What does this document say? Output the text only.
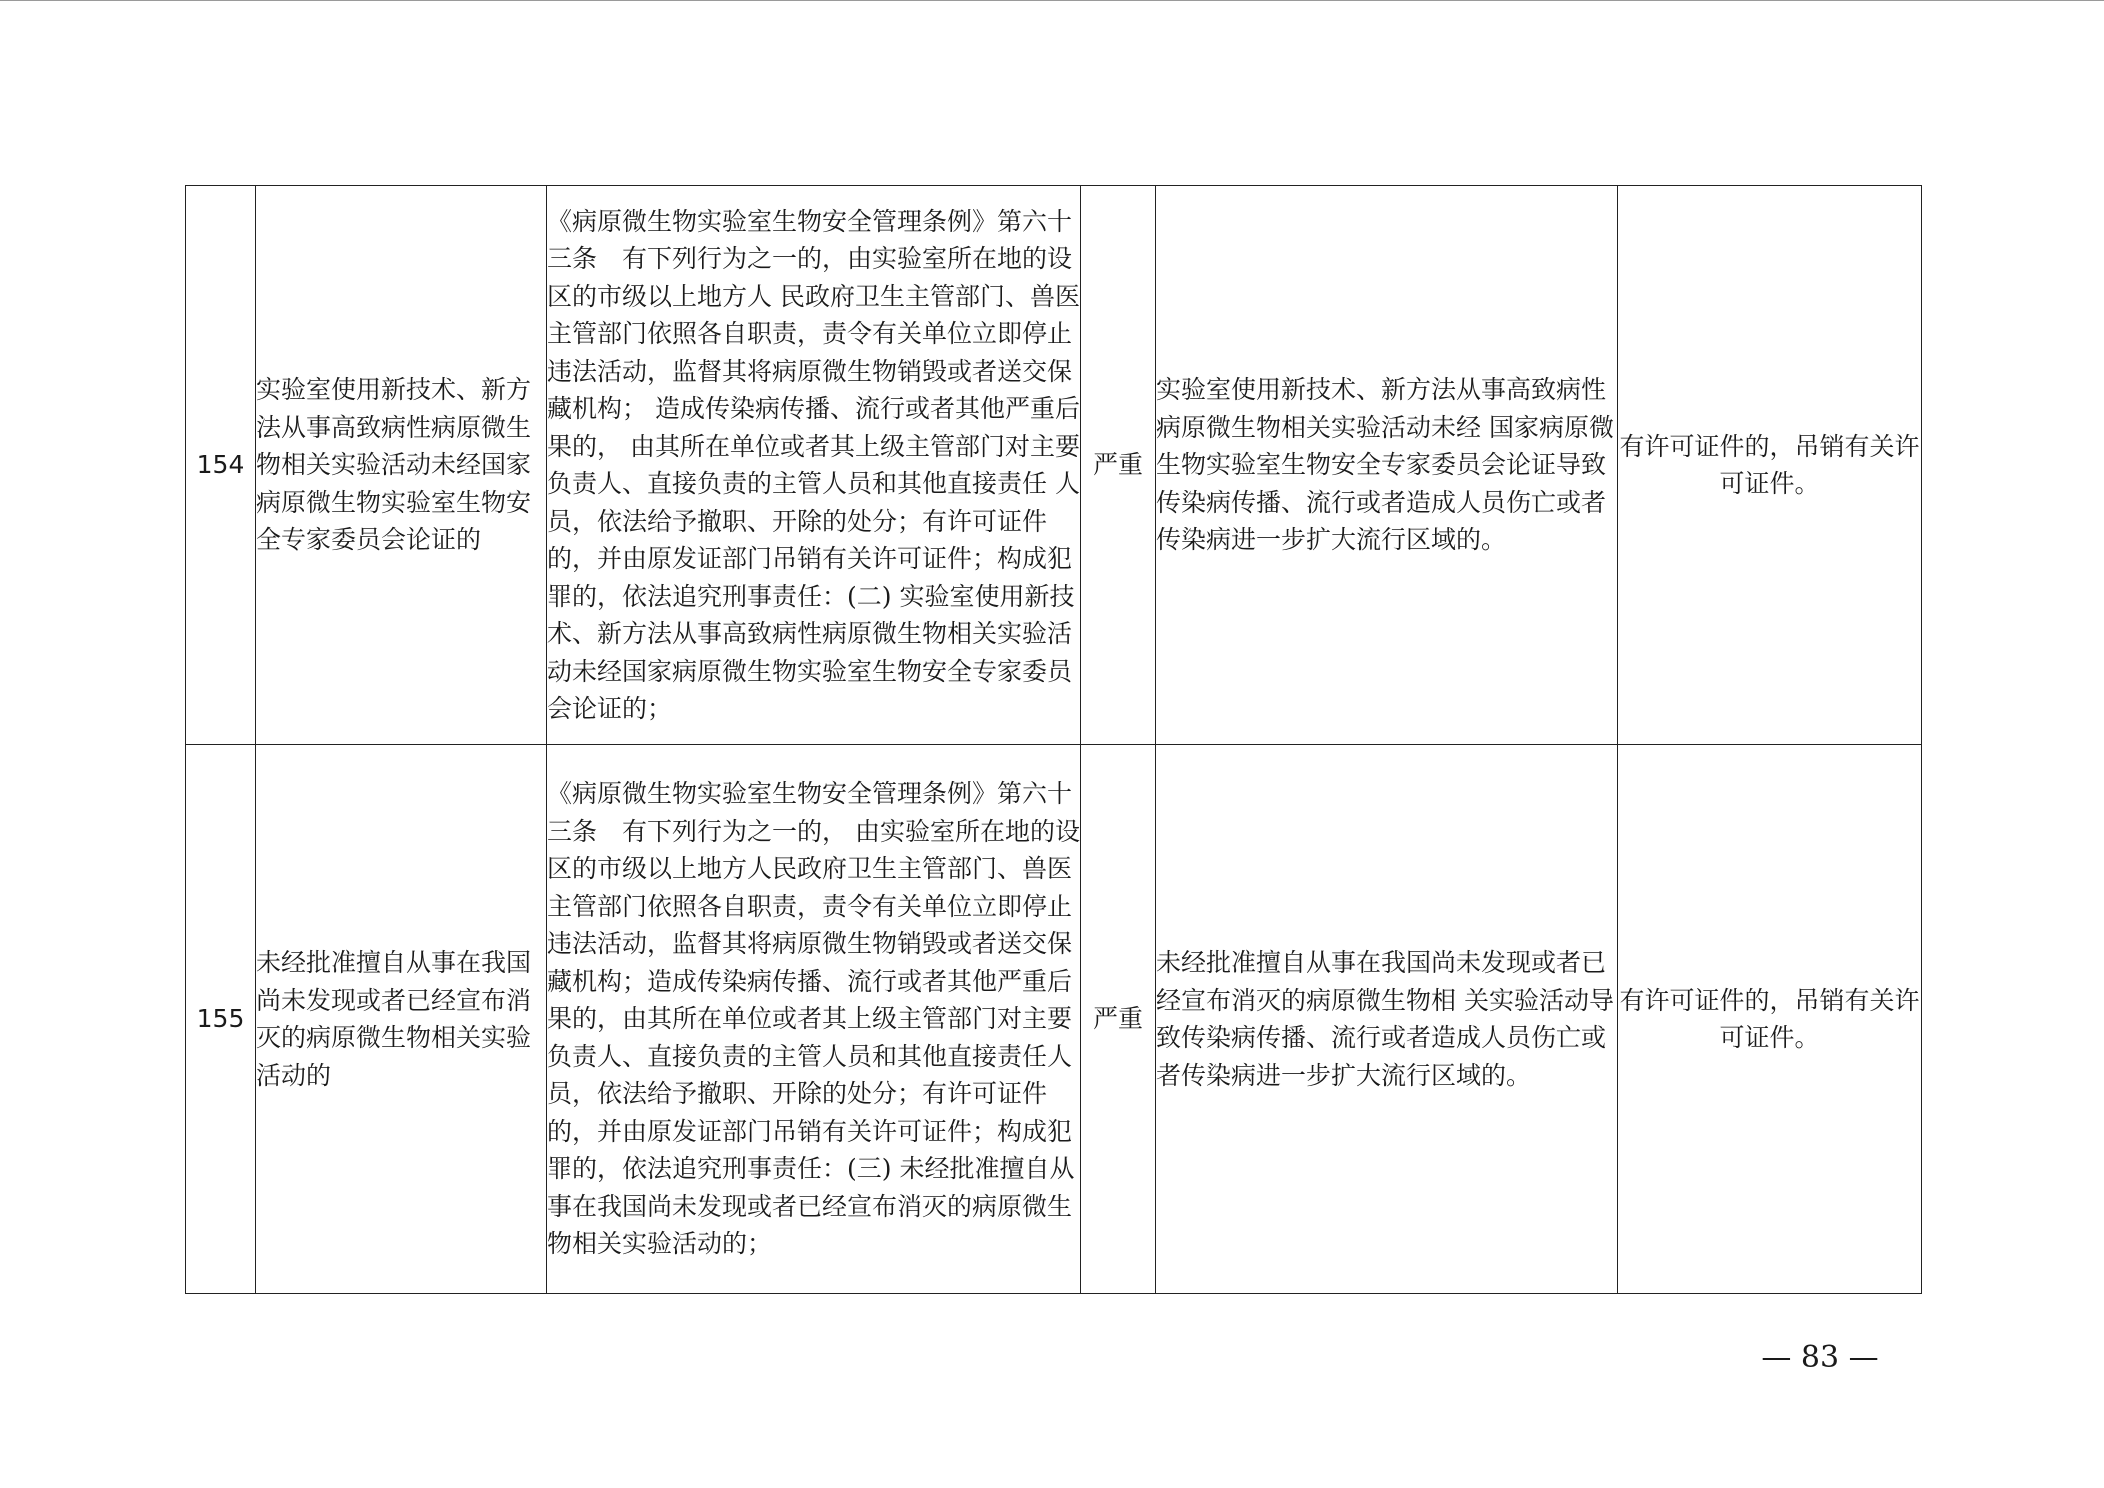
154	实验室使用新技术、新方法从事高致病性病原微生物相关实验活动未经国家病原微生物实验室生物安全专家委员会论证的	《病原微生物实验室生物安全管理条例》第六十三条　有下列行为之一的，由实验室所在地的设区的市级以上地方人 民政府卫生主管部门、兽医主管部门依照各自职责，责令有关单位立即停止违法活动，监督其将病原微生物销毁或者送交保藏机构； 造成传染病传播、流行或者其他严重后果的， 由其所在单位或者其上级主管部门对主要负责人、直接负责的主管人员和其他直接责任 人员，依法给予撤职、开除的处分；有许可证件的，并由原发证部门吊销有关许可证件；构成犯罪的，依法追究刑事责任：(二) 实验室使用新技术、新方法从事高致病性病原微生物相关实验活动未经国家病原微生物实验室生物安全专家委员会论证的；	严重	实验室使用新技术、新方法从事高致病性病原微生物相关实验活动未经 国家病原微生物实验室生物安全专家委员会论证导致传染病传播、流行或者造成人员伤亡或者传染病进一步扩大流行区域的。	有许可证件的，吊销有关许可证件。
155	未经批准擅自从事在我国尚未发现或者已经宣布消灭的病原微生物相关实验活动的	《病原微生物实验室生物安全管理条例》第六十三条　有下列行为之一的， 由实验室所在地的设区的市级以上地方人民政府卫生主管部门、兽医主管部门依照各自职责，责令有关单位立即停止违法活动，监督其将病原微生物销毁或者送交保藏机构；造成传染病传播、流行或者其他严重后果的，由其所在单位或者其上级主管部门对主要负责人、直接负责的主管人员和其他直接责任人员，依法给予撤职、开除的处分；有许可证件的，并由原发证部门吊销有关许可证件；构成犯罪的，依法追究刑事责任：(三) 未经批准擅自从事在我国尚未发现或者已经宣布消灭的病原微生物相关实验活动的；	严重	未经批准擅自从事在我国尚未发现或者已经宣布消灭的病原微生物相 关实验活动导致传染病传播、流行或者造成人员伤亡或者传染病进一步扩大流行区域的。	有许可证件的，吊销有关许可证件。
— 83 —
